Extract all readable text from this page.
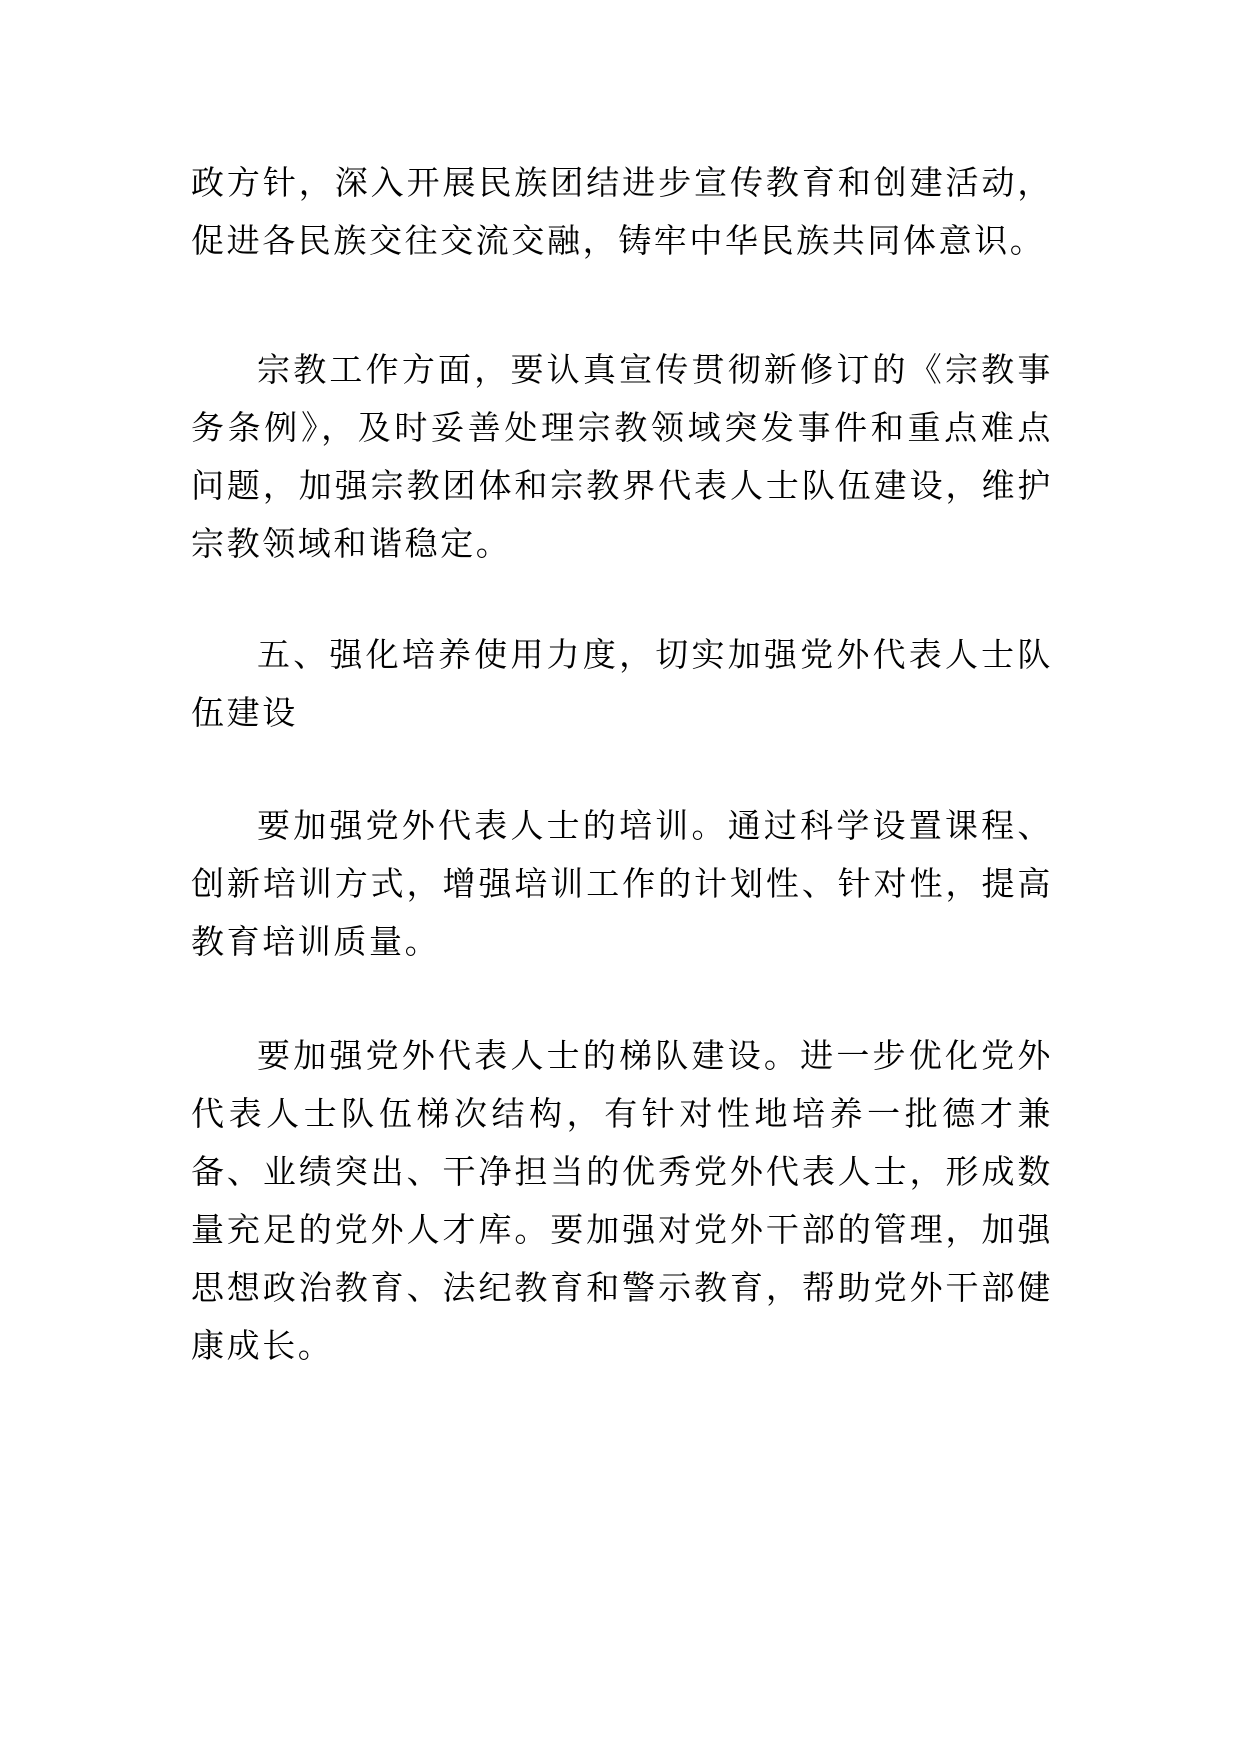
政方针，深入开展民族团结进步宣传教育和创建活动，促进各民族交往交流交融，铸牢中华民族共同体意识。

宗教工作方面，要认真宣传贯彻新修订的《宗教事务条例》，及时妥善处理宗教领域突发事件和重点难点问题，加强宗教团体和宗教界代表人士队伍建设，维护宗教领域和谐稳定。

五、强化培养使用力度，切实加强党外代表人士队伍建设

要加强党外代表人士的培训。通过科学设置课程、创新培训方式，增强培训工作的计划性、针对性，提高教育培训质量。

要加强党外代表人士的梯队建设。进一步优化党外代表人士队伍梯次结构，有针对性地培养一批德才兼备、业绩突出、干净担当的优秀党外代表人士，形成数量充足的党外人才库。要加强对党外干部的管理，加强思想政治教育、法纪教育和警示教育，帮助党外干部健康成长。
